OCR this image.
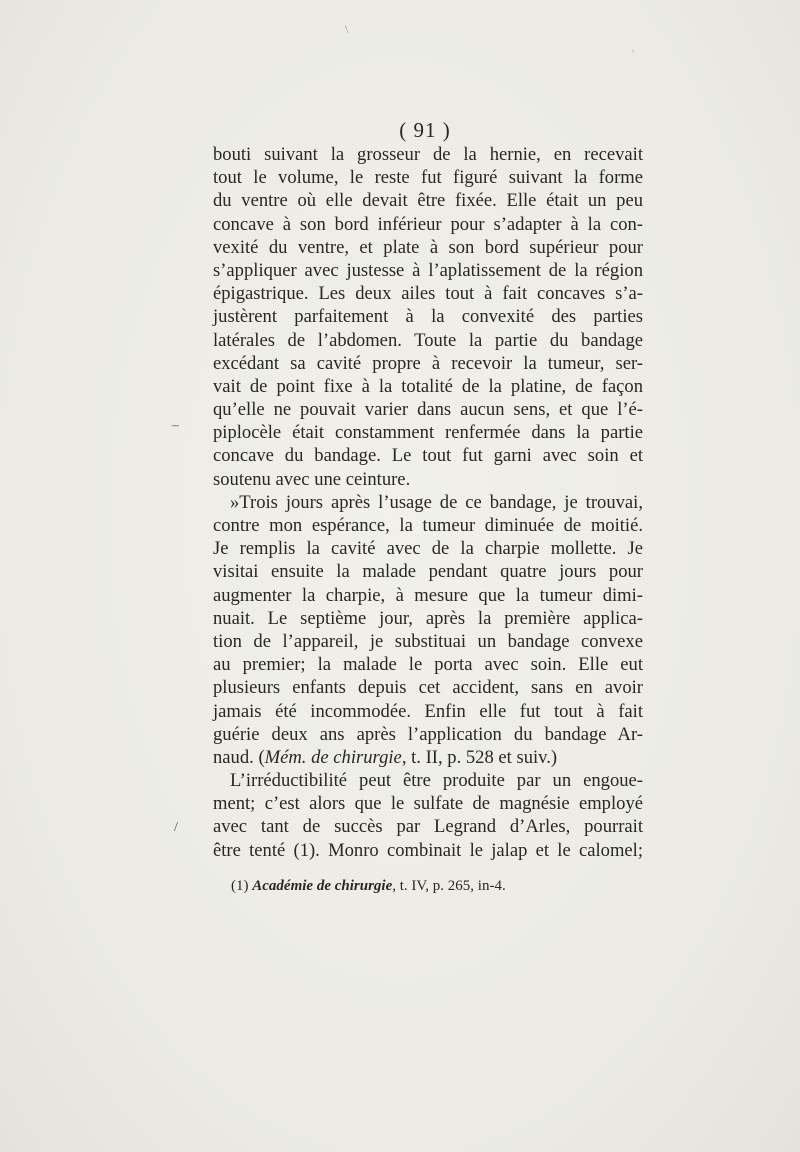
\
'
( 91 )
bouti suivant la grosseur de la hernie, en recevait
tout le volume, le reste fut figuré suivant la forme
du ventre où elle devait être fixée. Elle était un peu
concave à son bord inférieur pour s’adapter à la con-
vexité du ventre, et plate à son bord supérieur pour
s’appliquer avec justesse à l’aplatissement de la région
épigastrique. Les deux ailes tout à fait concaves s’a-
justèrent parfaitement à la convexité des parties
latérales de l’abdomen. Toute la partie du bandage
excédant sa cavité propre à recevoir la tumeur, ser-
vait de point fixe à la totalité de la platine, de façon
qu’elle ne pouvait varier dans aucun sens, et que l’é-
piplocèle était constamment renfermée dans la partie
concave du bandage. Le tout fut garni avec soin et
soutenu avec une ceinture.
»Trois jours après l’usage de ce bandage, je trouvai,
contre mon espérance, la tumeur diminuée de moitié.
Je remplis la cavité avec de la charpie mollette. Je
visitai ensuite la malade pendant quatre jours pour
augmenter la charpie, à mesure que la tumeur dimi-
nuait. Le septième jour, après la première applica-
tion de l’appareil, je substituai un bandage convexe
au premier; la malade le porta avec soin. Elle eut
plusieurs enfants depuis cet accident, sans en avoir
jamais été incommodée. Enfin elle fut tout à fait
guérie deux ans après l’application du bandage Ar-
naud. (Mém. de chirurgie, t. II, p. 528 et suiv.)
L’irréductibilité peut être produite par un engoue-
ment; c’est alors que le sulfate de magnésie employé
avec tant de succès par Legrand d’Arles, pourrait
être tenté (1). Monro combinait le jalap et le calomel;
–
/
(1) Académie de chirurgie, t. IV, p. 265, in-4.
